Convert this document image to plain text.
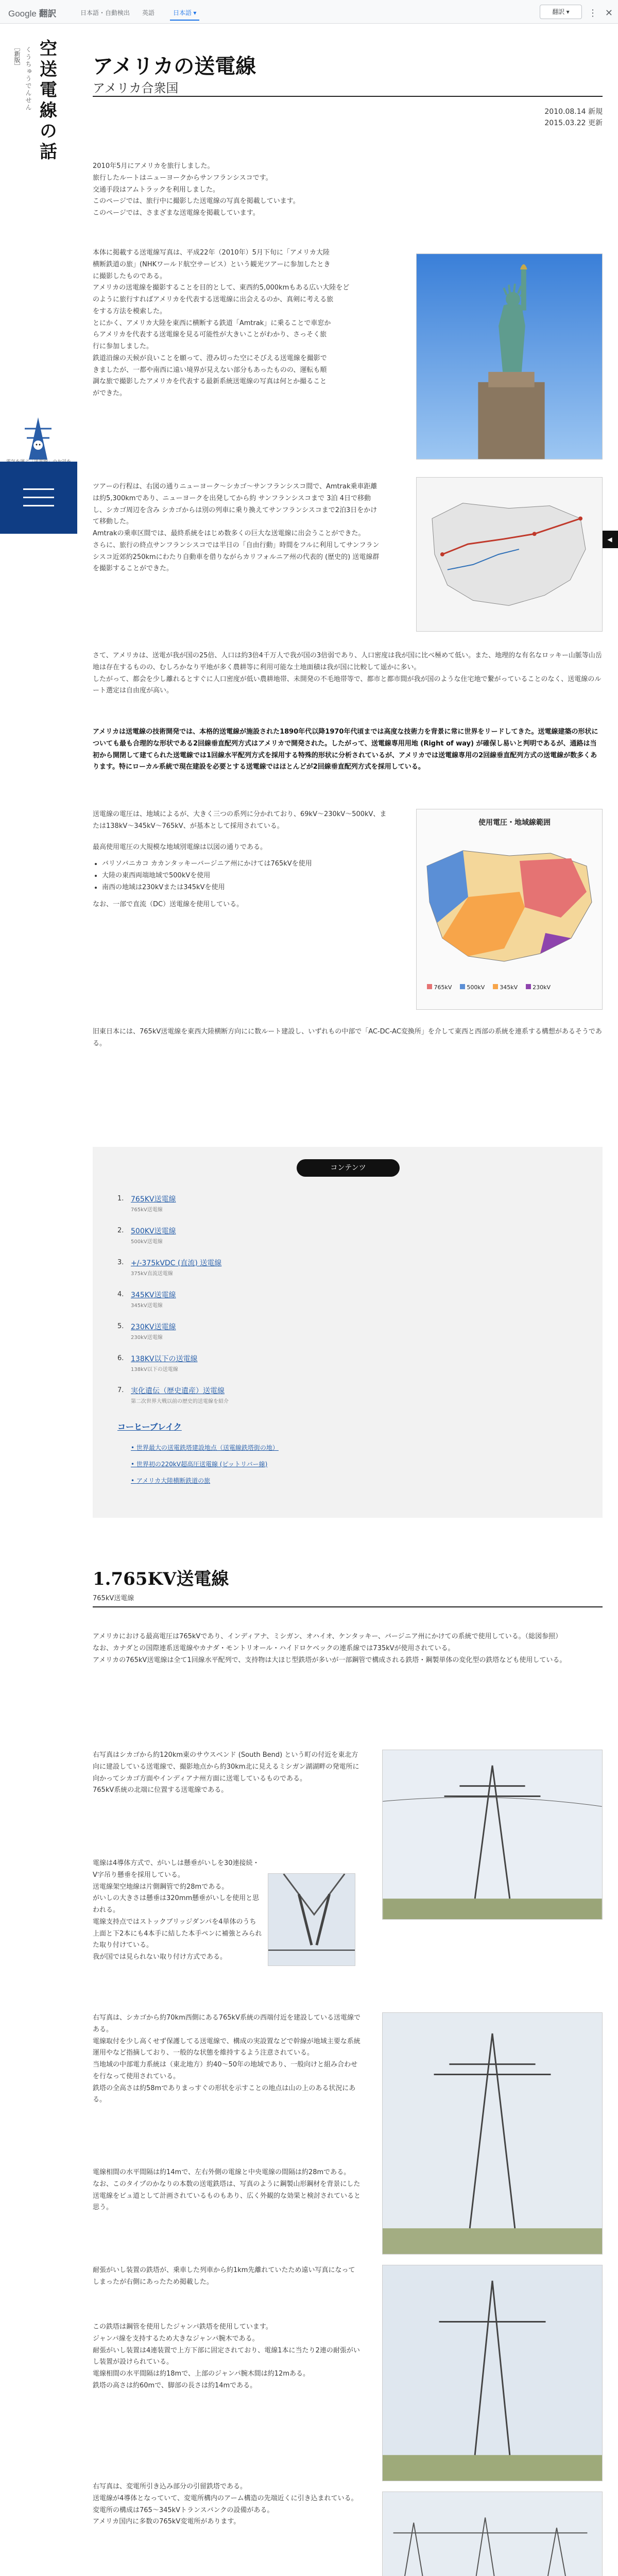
Google 翻訳	日本語・自動検出	英語	日本語 ▾	翻訳 ▾	⋮ ✕
空送電線の話
くうちゅうでんせん
［新版］
◀
アメリカの送電線
アメリカ合衆国
2010.08.14 新規
2015.03.22 更新
2010年5月にアメリカを旅行しました。
旅行したルートはニューヨークからサンフランシスコです。
交通手段はアムトラックを利用しました。
このページでは、旅行中に撮影した送電線の写真を掲載しています。
このページでは、さまざまな送電線を掲載しています。
本体に掲載する送電線写真は、平成22年（2010年）5月下旬に「アメリカ大陸
横断鉄道の旅」(NHKワールド航空サービス）という観光ツアーに参加したとき
に撮影したものである。
アメリカの送電線を撮影することを目的として、東西約5,000kmもある広い大陸をど
のように旅行すればアメリカを代表する送電線に出会えるのか、真剣に考える旅
をする方法を模索した。
とにかく、アメリカ大陸を東西に横断する鉄道「Amtrak」に乗ることで車窓か
らアメリカを代表する送電線を見る可能性が大きいことがわかり、さっそく旅
行に参加しました。
鉄道沿線の天候が良いことを願って、澄み切った空にそびえる送電線を撮影で
きましたが、一都や南西に遠い境界が見えない部分もあったものの、運転も順
調な旅で撮影したアメリカを代表する最新系統送電線の写真は何とか撮ること
ができた。
ツアーの行程は、右図の通りニューヨーク～シカゴ～サンフランシスコ間で、Amtrak乗車距離は約5,300kmであり、ニューヨークを出発してから約 サンフランシスコまで 3泊 4日で移動し、シカゴ周辺を含み シカゴからは別の列車に乗り換えてサンフランシスコまで2泊3日をかけて移動した。
Amtrakの乗車区間では、最終系統をはじめ数多くの巨大な送電線に出会うことができた。
さらに、旅行の終点サンフランシスコでは半日の「自由行動」時間をフルに利用してサンフランシスコ近郊約250kmにわたり自動車を借りながらカリフォルニア州の代表的 (歴史的) 送電線群を撮影することができた。
さて、アメリカは、送電が我が国の25倍、人口は約3倍4千万人で我が国の3倍弱であり、人口密度は我が国に比べ極めて低い。また、地理的な有名なロッキー山脈等山岳地は存在するものの、むしろかなり平地が多く農耕等に利用可能な土地面積は我が国に比較して遥かに多い。
したがって、都会を少し離れるとすぐに人口密度が低い農耕地帯、未開発の不毛地帯等で、都市と都市間が我が国のような住宅地で繋がっていることのなく、送電線のルート選定は自由度が高い。
アメリカは送電線の技術開発では、本格的送電線が施設された1890年代以降1970年代頃までは高度な技術力を背景に常に世界をリードしてきた。送電線建築の形状についても最も合理的な形状である2回線垂直配列方式はアメリカで開発された。したがって、送電線専用用地 (Right of way) が確保し易いと判明であるが、通路は当初から開閉して建てられた送電線では1回線水平配列方式を採用する特殊的形状に分析されているが、アメリカでは送電線専用の2回線垂直配列方式の送電線が数多くあります。特にローカル系統で現在建設を必要とする送電線ではほとんどが2回線垂直配列方式を採用している。
送電線の電圧は、地域によるが、大きく三つの系列に分かれており、69kV～230kV～500kV、または138kV～345kV～765kV、が基本として採用されている。
最高使用電圧の大規模な地域別電線は以図の通りである。
• バリソバニカコ カカンタッキーバージニア州にかけては765kVを使用
• 大陸の東西両端地域で500kVを使用
• 南西の地域は230kVまたは345kVを使用
なお、一部で直流（DC）送電線を使用している。
旧東日本には、765kV送電線を東西大陸横断方向にに数ルート建設し、いずれもの中部で「AC-DC-AC変換所」を介して東西と西部の系統を連系する構想があるそうである。
使用電圧・地域線範囲
765kV	500kV	345kV	230kV
コンテンツ
1. 765KV送電線
765kV送電線
2. 500KV送電線
500kV送電線
3. +/-375kVDC (直流) 送電線
375kV直流送電線
4. 345KV送電線
345kV送電線
5. 230KV送電線
230kV送電線
6. 138KV以下の送電線
138kV以下の送電線
7. 実化遺伝（歴史遺産）送電線
第二次世界大戦以前の歴史的送電線を紹介
コーヒーブレイク
• 世界最大の送電鉄塔建設地点（送電線鉄塔街の地）
• 世界初の220kV超高圧送電線 (ピットリバー線)
• アメリカ大陸横断鉄道の旅
1.765KV送電線
765kV送電線
アメリカにおける最高電圧は765kVであり、インディアナ、ミシガン、オハイオ、ケンタッキー、バージニア州にかけての系統で使用している。（総図参照）
なお、カナダとの国際連系送電線やカナダ・モントリオール・ハイドロケベックの連系線では735kVが使用されている。
アメリカの765kV送電線は全て1回線水平配列で、支持物は大ほじ型鉄塔が多いが一部鋼管で構成される鉄塔・鋼製単体の変化型の鉄塔なども使用している。
右写真はシカゴから約120km東のサウスベンド (South Bend) という町の付近を東北方向に建設している送電線で、撮影地点から約30km北に見えるミシガン湖湖畔の発電所に向かってシカゴ方面やインディアナ州方面に送電しているものである。
765kV系統の北端に位置する送電線である。
電線は4導体方式で、がいしは懸垂がいしを30連接続・V字吊り懸垂を採用している。
送電線架空地線は片側鋼管で約28mである。
がいしの大きさは懸垂は320mm懸垂がいしを使用と思われる。
電線支持点ではストックブリッジダンパを4単体のうち上面と下2本にも4本手に結した本手ペンに補強とみられた取り付けている。
我が国では見られない取り付け方式である。
右写真は、シカゴから約70km西側にある765kV系統の西端付近を建設している送電線である。
電線取付を少し高くせず保護してる送電線で、構成の実設置などで幹線が地域主要な系統運用やなど指摘しており、一般的な状態を維持するよう注意されている。
当地域の中部電力系統は（東北地方）約40～50年の地域であり、一般向けと組み合わせを行なって使用されている。
鉄塔の全高さは約58mでありまっすぐの形状を示すことの地点は山の上のある状況にある。
電線相間の水平間隔は約14mで、左右外側の電線と中央電線の間隔は約28mである。
なお、このタイプのかなりの本数の送電鉄塔は、写真のように鋼製山形鋼材を背景にした送電線をビュ道として計画されているものもあり、広く外観的な効果と検討されていると思う。
耐張がいし装置の鉄塔が、乗車した列車から約1km先離れていたため遠い写真になってしまったが右側にあったため掲載した。
この鉄塔は鋼管を使用したジャンパ鉄塔を使用しています。
ジャンパ線を支持するため大きなジャンパ腕木である。
耐張がいし装置は4連装置で上方下部に固定されており、電線1本に当たり2連の耐張がいし装置が設けられている。
電線相間の水平間隔は約18mで、上部のジャンパ腕木間は約12mある。
鉄塔の高さは約60mで、脚部の長さは約14mである。
右写真は、変電所引き込み部分の引留鉄塔である。
送電線が4導体となっていて、変電所構内のアーム構造の先端近くに引き込まれている。
変電所の構成は765～345kVトランスバンクの設備がある。
アメリカ国内に多数の765kV変電所があります。
